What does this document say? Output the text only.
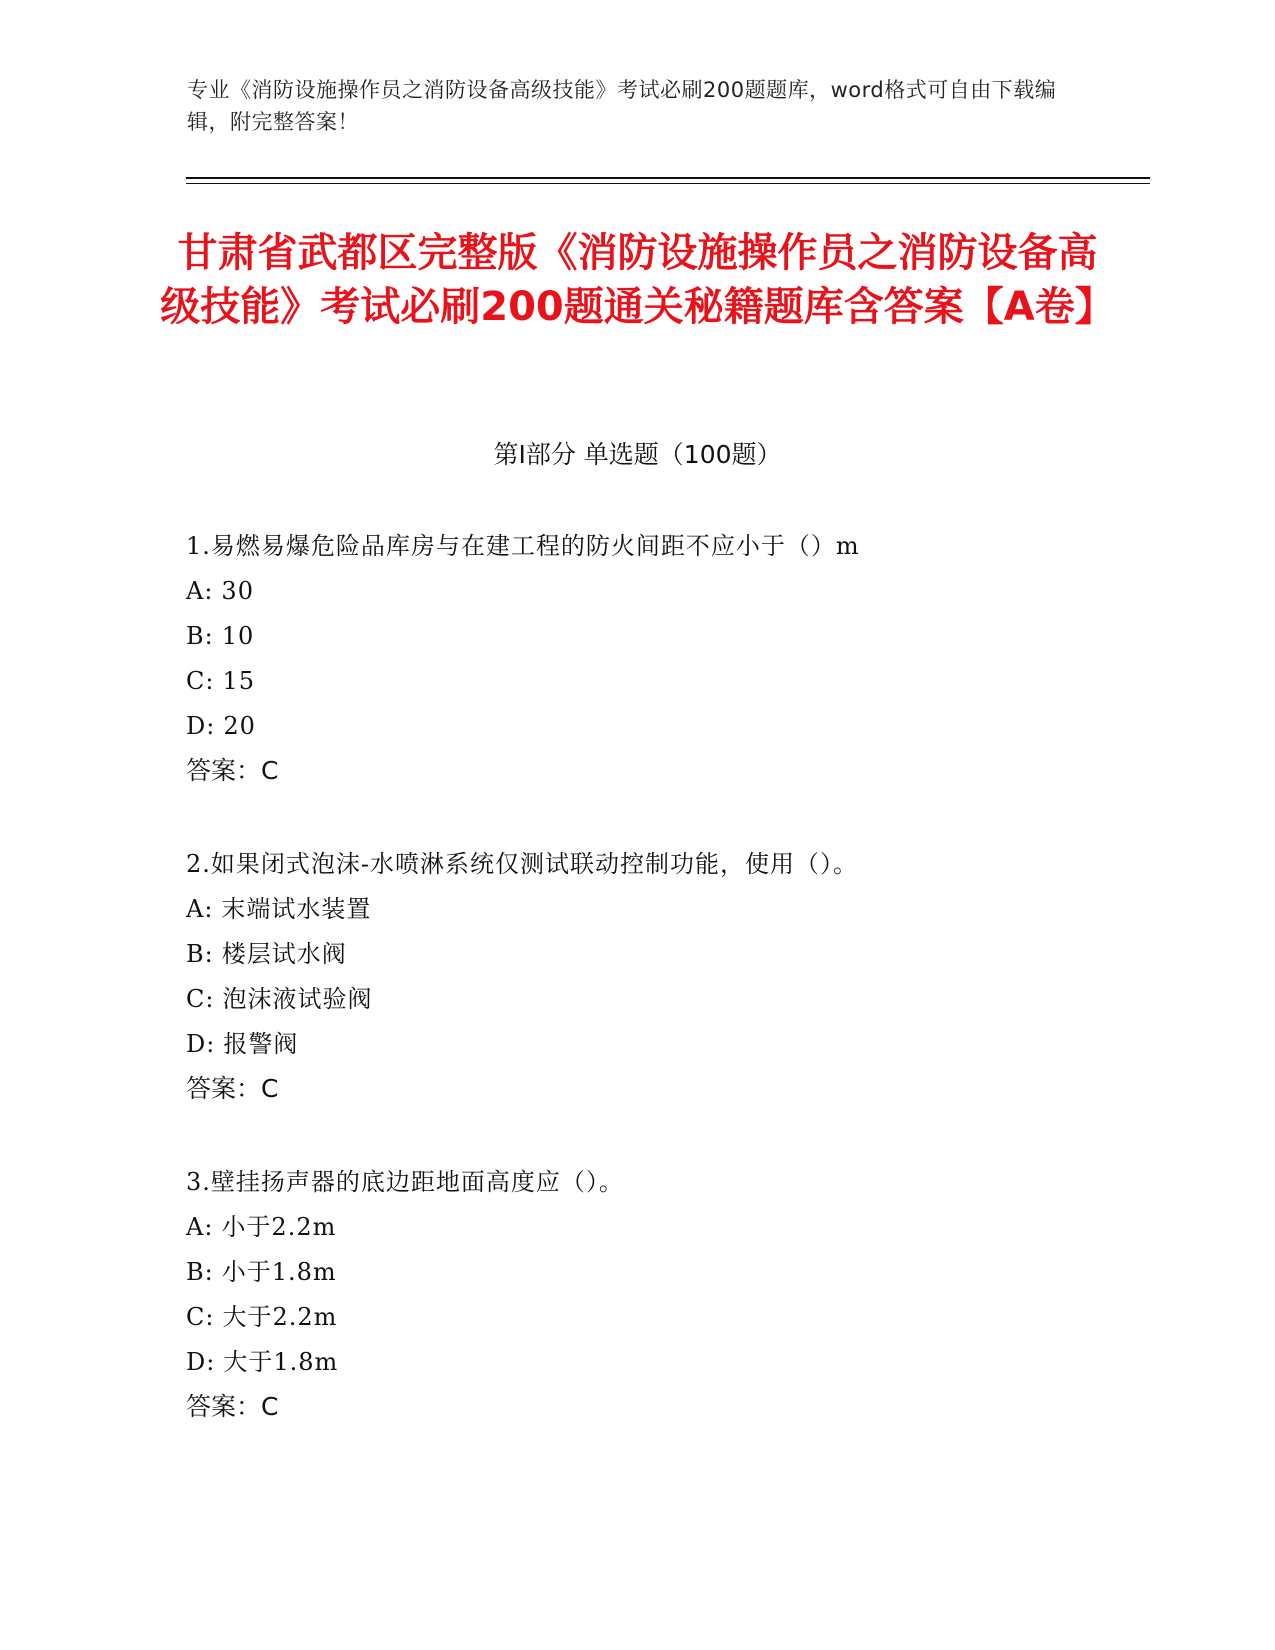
专业《消防设施操作员之消防设备高级技能》考试必刷200题题库，word格式可自由下载编辑，附完整答案！
甘肃省武都区完整版《消防设施操作员之消防设备高级技能》考试必刷200题通关秘籍题库含答案【A卷】
第Ⅰ部分 单选题（100题）
1.易燃易爆危险品库房与在建工程的防火间距不应小于（）m
A: 30
B: 10
C: 15
D: 20
答案：C
2.如果闭式泡沫-水喷淋系统仅测试联动控制功能，使用（）。
A: 末端试水装置
B: 楼层试水阀
C: 泡沫液试验阀
D: 报警阀
答案：C
3.壁挂扬声器的底边距地面高度应（）。
A: 小于2.2m
B: 小于1.8m
C: 大于2.2m
D: 大于1.8m
答案：C
